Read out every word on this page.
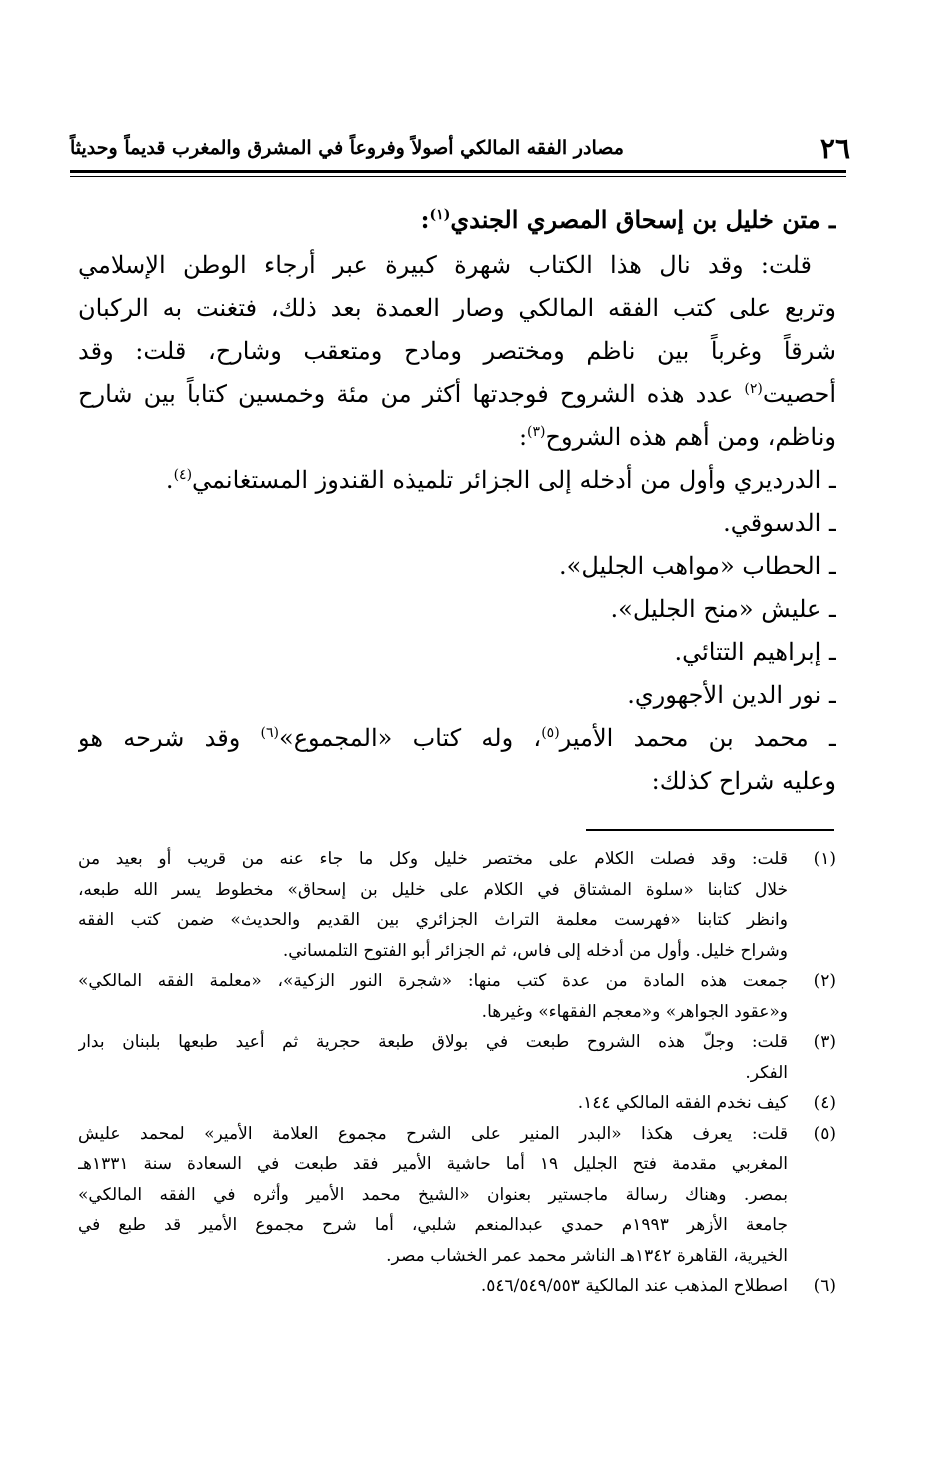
٢٦
مصادر الفقه المالكي أصولاً وفروعاً في المشرق والمغرب قديماً وحديثاً
ـ متن خليل بن إسحاق المصري الجندي$^{(١)}$:
قلت: وقد نال هذا الكتاب شهرة كبيرة عبر أرجاء الوطن الإسلامي
وتربع على كتب الفقه المالكي وصار العمدة بعد ذلك، فتغنت به الركبان
شرقاً وغرباً بين ناظم ومختصر ومادح ومتعقب وشارح، قلت: وقد
أحصيت$^{(٢)}$ عدد هذه الشروح فوجدتها أكثر من مئة وخمسين كتاباً بين شارح
وناظم، ومن أهم هذه الشروح$^{(٣)}$:
ـ الدرديري وأول من أدخله إلى الجزائر تلميذه القندوز المستغانمي$^{(٤)}$.
ـ الدسوقي.
ـ الحطاب «مواهب الجليل».
ـ عليش «منح الجليل».
ـ إبراهيم التتائي.
ـ نور الدين الأجهوري.
ـ محمد بن محمد الأمير$^{(٥)}$، وله كتاب «المجموع»$^{(٦)}$ وقد شرحه هو
وعليه شراح كذلك:
(١)
قلت: وقد فصلت الكلام على مختصر خليل وكل ما جاء عنه من قريب أو بعيد من
خلال كتابنا «سلوة المشتاق في الكلام على خليل بن إسحاق» مخطوط يسر الله طبعه،
وانظر كتابنا «فهرست معلمة التراث الجزائري بين القديم والحديث» ضمن كتب الفقه
وشراح خليل. وأول من أدخله إلى فاس، ثم الجزائر أبو الفتوح التلمساني.
(٢)
جمعت هذه المادة من عدة كتب منها: «شجرة النور الزكية»، «معلمة الفقه المالكي»
و«عقود الجواهر» و«معجم الفقهاء» وغيرها.
(٣)
قلت: وجلّ هذه الشروح طبعت في بولاق طبعة حجرية ثم أعيد طبعها بلبنان بدار
الفكر.
(٤)
كيف نخدم الفقه المالكي ١٤٤.
(٥)
قلت: يعرف هكذا «البدر المنير على الشرح مجموع العلامة الأمير» لمحمد عليش
المغربي مقدمة فتح الجليل ١٩ أما حاشية الأمير فقد طبعت في السعادة سنة ١٣٣١هـ
بمصر. وهناك رسالة ماجستير بعنوان «الشيخ محمد الأمير وأثره في الفقه المالكي»
جامعة الأزهر ١٩٩٣م حمدي عبدالمنعم شلبي، أما شرح مجموع الأمير قد طبع في
الخيرية، القاهرة ١٣٤٢هـ الناشر محمد عمر الخشاب مصر.
(٦)
اصطلاح المذهب عند المالكية ٥٤٦/٥٤٩/٥٥٣.
